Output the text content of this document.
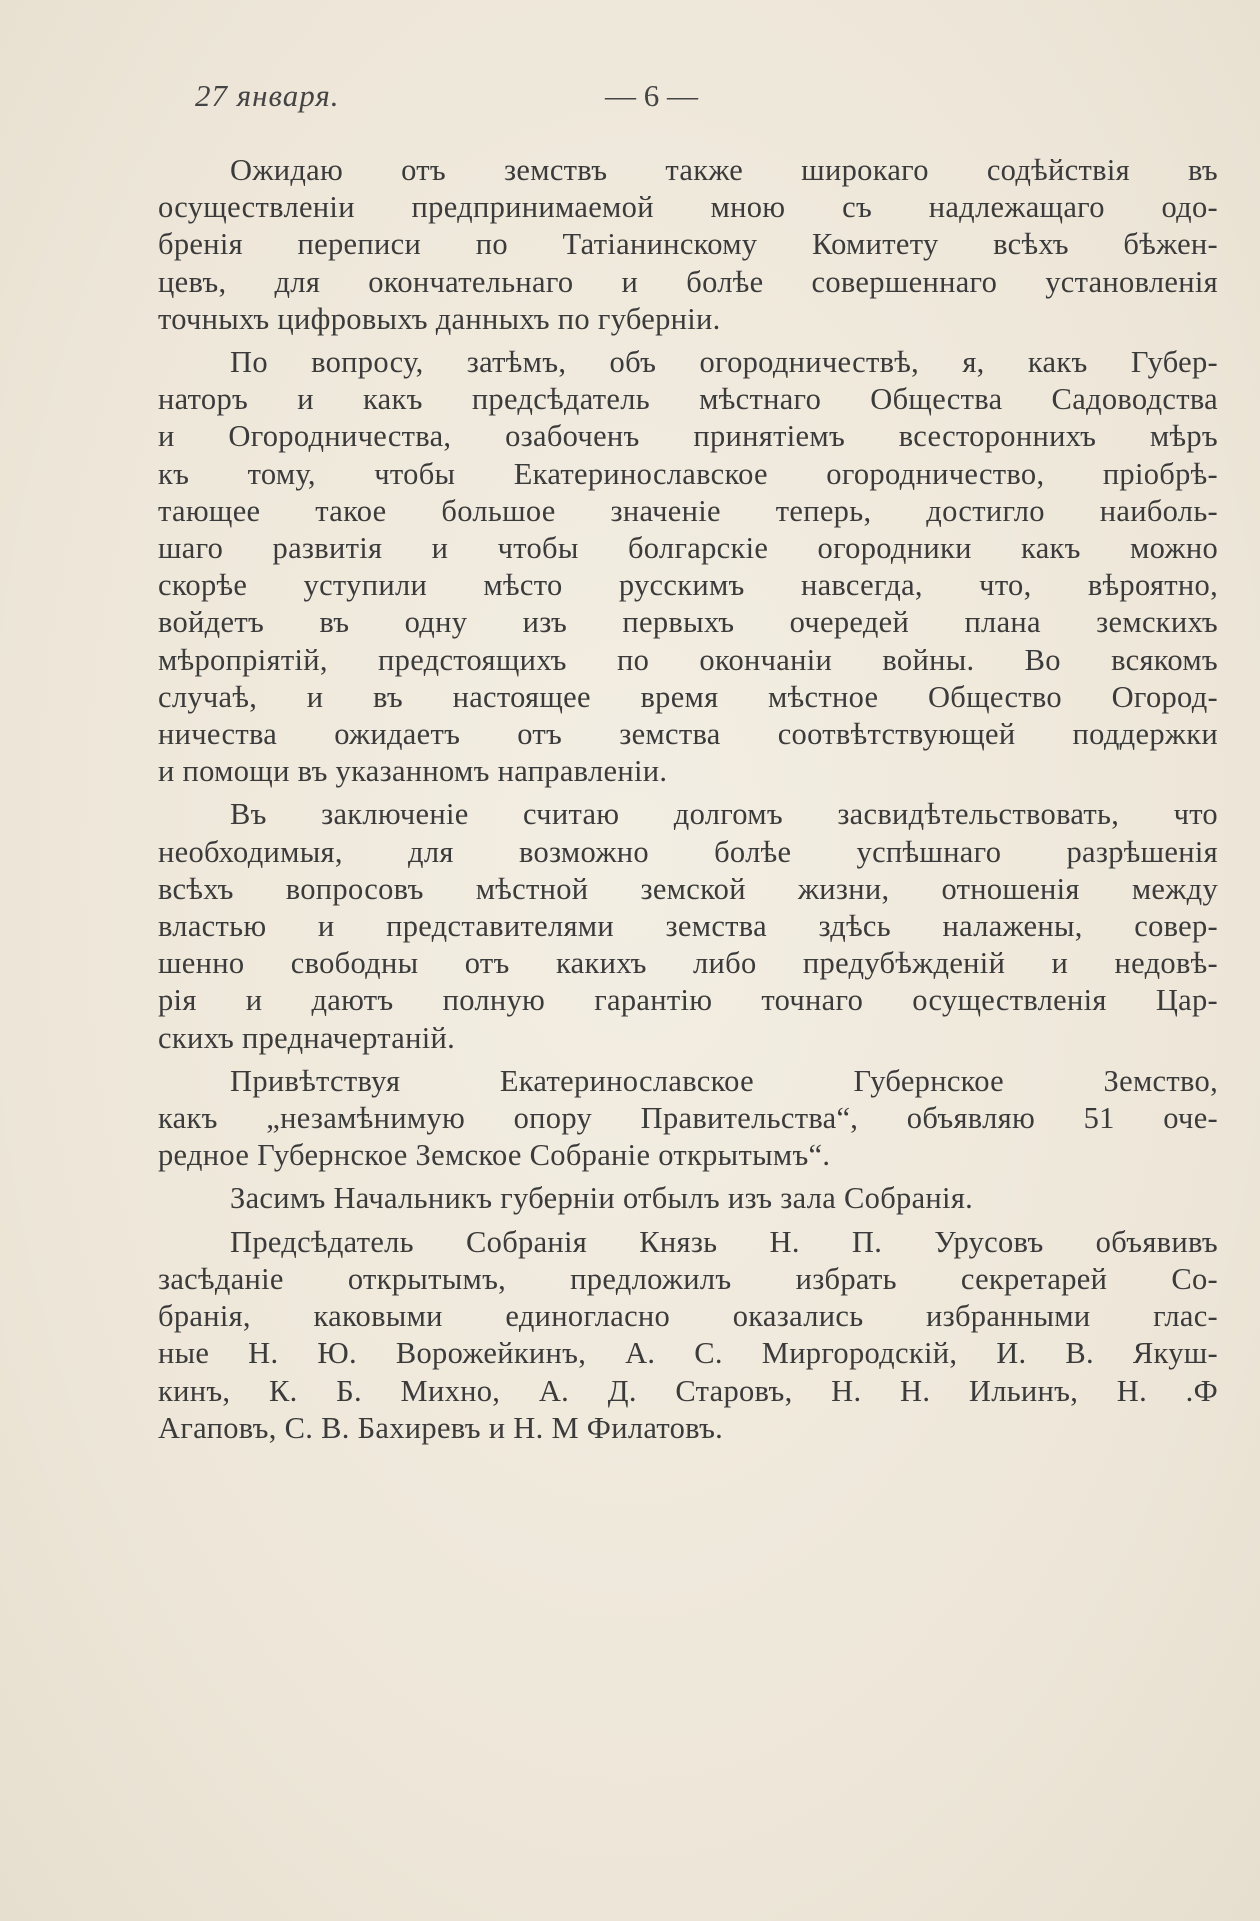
27 января.	— 6 —
Ожидаю отъ земствъ также широкаго содѣйствія въ
осуществленіи предпринимаемой мною съ надлежащаго одо-
бренія переписи по Татіанинскому Комитету всѣхъ бѣжен-
цевъ, для окончательнаго и болѣе совершеннаго установленія
точныхъ цифровыхъ данныхъ по губерніи.
По вопросу, затѣмъ, объ огородничествѣ, я, какъ Губер-
наторъ и какъ предсѣдатель мѣстнаго Общества Садоводства
и Огородничества, озабоченъ принятіемъ всестороннихъ мѣръ
къ тому, чтобы Екатеринославское огородничество, пріобрѣ-
тающее такое большое значеніе теперь, достигло наиболь-
шаго развитія и чтобы болгарскіе огородники какъ можно
скорѣе уступили мѣсто русскимъ навсегда, что, вѣроятно,
войдетъ въ одну изъ первыхъ очередей плана земскихъ
мѣропріятій, предстоящихъ по окончаніи войны. Во всякомъ
случаѣ, и въ настоящее время мѣстное Общество Огород-
ничества ожидаетъ отъ земства соотвѣтствующей поддержки
и помощи въ указанномъ направленіи.
Въ заключеніе считаю долгомъ засвидѣтельствовать, что
необходимыя, для возможно болѣе успѣшнаго разрѣшенія
всѣхъ вопросовъ мѣстной земской жизни, отношенія между
властью и представителями земства здѣсь налажены, совер-
шенно свободны отъ какихъ либо предубѣжденій и недовѣ-
рія и даютъ полную гарантію точнаго осуществленія Цар-
скихъ предначертаній.
Привѣтствуя Екатеринославское Губернское Земство,
какъ „незамѣнимую опору Правительства“, объявляю 51 оче-
редное Губернское Земское Собраніе открытымъ“.
Засимъ Начальникъ губерніи отбылъ изъ зала Собранія.
Предсѣдатель Собранія Князь Н. П. Урусовъ объявивъ
засѣданіе открытымъ, предложилъ избрать секретарей Со-
бранія, каковыми единогласно оказались избранными глас-
ные Н. Ю. Ворожейкинъ, А. С. Миргородскій, И. В. Якуш-
кинъ, К. Б. Михно, А. Д. Старовъ, Н. Н. Ильинъ, Н. .Ф
Агаповъ, С. В. Бахиревъ и Н. М Филатовъ.
